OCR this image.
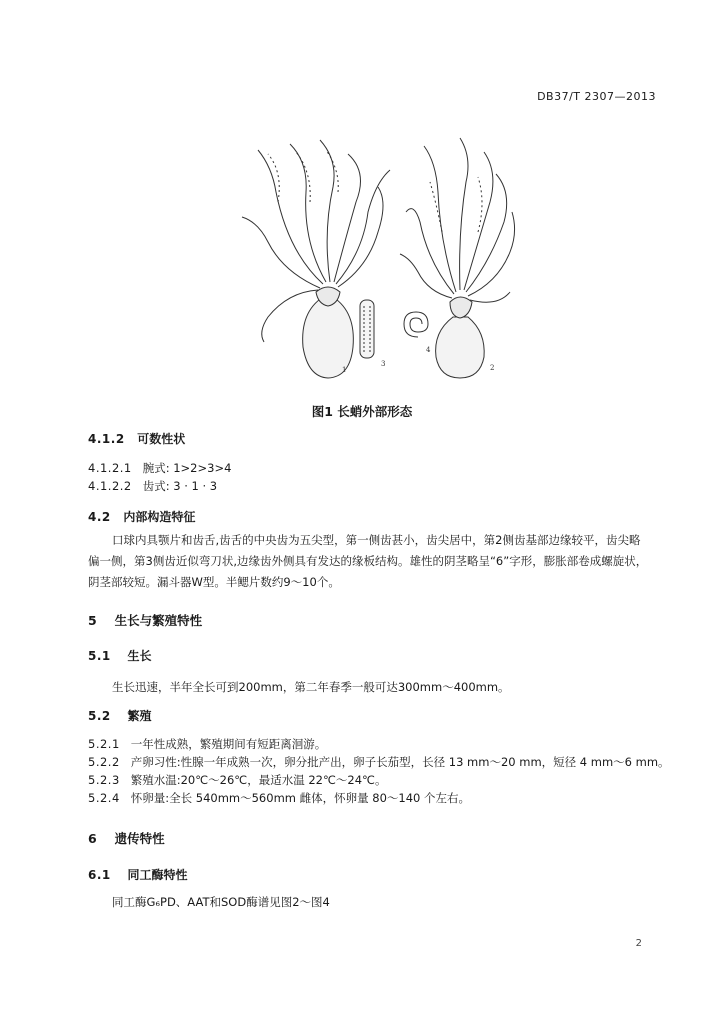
DB37/T 2307—2013
1	2
3
4
图1 长蛸外部形态
4.1.2 可数性状
4.1.2.1 腕式: 1>2>3>4
4.1.2.2 齿式: 3 · 1 · 3
4.2 内部构造特征
口球内具颚片和齿舌,齿舌的中央齿为五尖型，第一侧齿甚小，齿尖居中，第2侧齿基部边缘较平，齿尖略偏一侧，第3侧齿近似弯刀状,边缘齿外侧具有发达的缘板结构。雄性的阴茎略呈“6”字形，膨胀部卷成螺旋状，阴茎部较短。漏斗器W型。半鳃片数约9～10个。
5 生长与繁殖特性
5.1 生长
生长迅速，半年全长可到200mm，第二年春季一般可达300mm～400mm。
5.2 繁殖
5.2.1 一年性成熟，繁殖期间有短距离洄游。
5.2.2 产卵习性:性腺一年成熟一次，卵分批产出，卵子长茄型，长径 13 mm～20 mm，短径 4 mm～6 mm。
5.2.3 繁殖水温:20℃～26℃，最适水温 22℃～24℃。
5.2.4 怀卵量:全长 540mm～560mm 雌体，怀卵量 80～140 个左右。
6 遗传特性
6.1 同工酶特性
同工酶G₆PD、AAT和SOD酶谱见图2～图4
2
